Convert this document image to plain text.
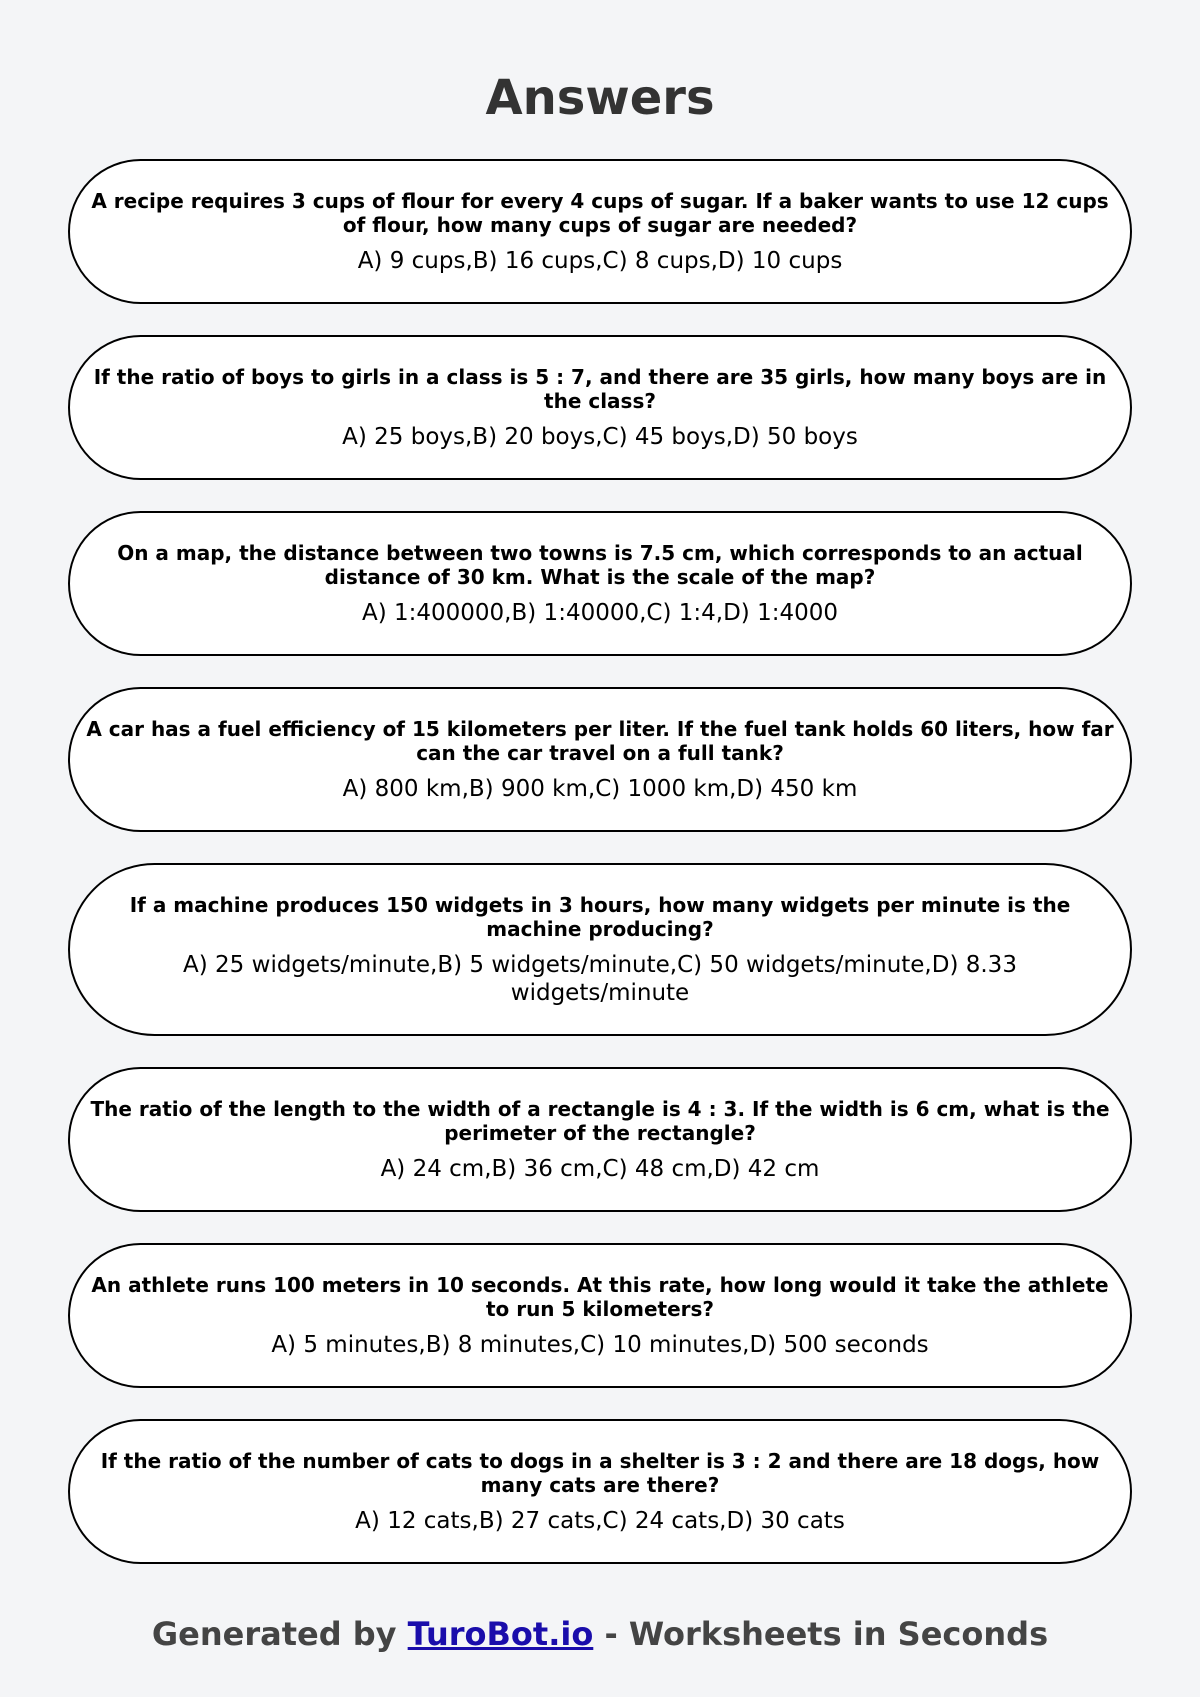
Answers

A recipe requires 3 cups of flour for every 4 cups of sugar. If a baker wants to use 12 cups of flour, how many cups of sugar are needed?

A) 9 cups,B) 16 cups,C) 8 cups,D) 10 cups

If the ratio of boys to girls in a class is 5 : 7, and there are 35 girls, how many boys are in the class?

A) 25 boys,B) 20 boys,C) 45 boys,D) 50 boys

On a map, the distance between two towns is 7.5 cm, which corresponds to an actual distance of 30 km. What is the scale of the map?

A) 1:400000,B) 1:40000,C) 1:4,D) 1:4000

A car has a fuel efficiency of 15 kilometers per liter. If the fuel tank holds 60 liters, how far can the car travel on a full tank?

A) 800 km,B) 900 km,C) 1000 km,D) 450 km

If a machine produces 150 widgets in 3 hours, how many widgets per minute is the machine producing?

A) 25 widgets/minute,B) 5 widgets/minute,C) 50 widgets/minute,D) 8.33 widgets/minute

The ratio of the length to the width of a rectangle is 4 : 3. If the width is 6 cm, what is the perimeter of the rectangle?

A) 24 cm,B) 36 cm,C) 48 cm,D) 42 cm

An athlete runs 100 meters in 10 seconds. At this rate, how long would it take the athlete to run 5 kilometers?

A) 5 minutes,B) 8 minutes,C) 10 minutes,D) 500 seconds

If the ratio of the number of cats to dogs in a shelter is 3 : 2 and there are 18 dogs, how many cats are there?

A) 12 cats,B) 27 cats,C) 24 cats,D) 30 cats

Generated by TuroBot.io - Worksheets in Seconds
